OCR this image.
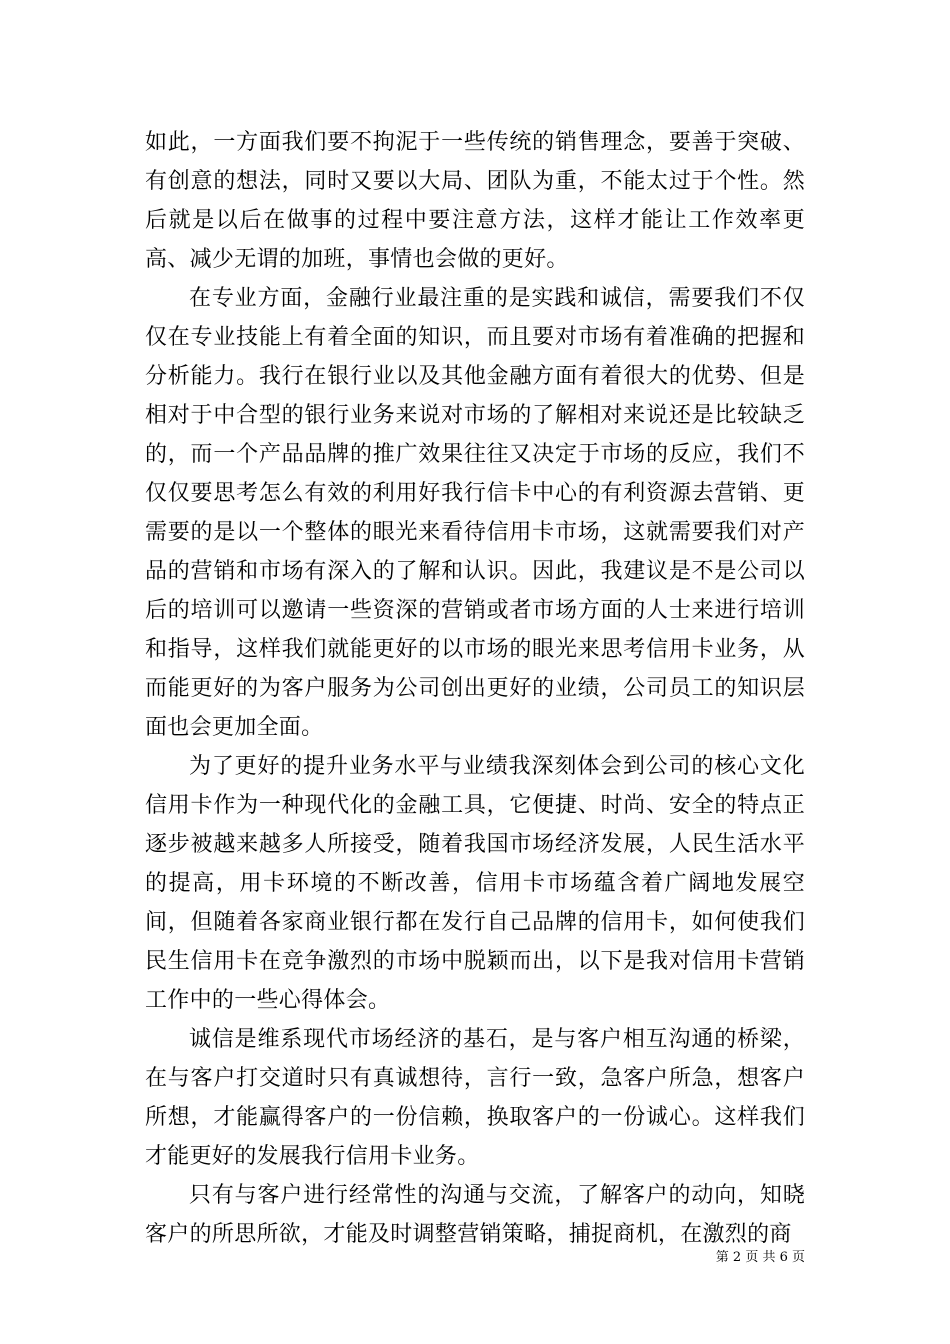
如此，一方面我们要不拘泥于一些传统的销售理念，要善于突破、有创意的想法，同时又要以大局、团队为重，不能太过于个性。然后就是以后在做事的过程中要注意方法，这样才能让工作效率更高、减少无谓的加班，事情也会做的更好。

在专业方面，金融行业最注重的是实践和诚信，需要我们不仅仅在专业技能上有着全面的知识，而且要对市场有着准确的把握和分析能力。我行在银行业以及其他金融方面有着很大的优势、但是相对于中合型的银行业务来说对市场的了解相对来说还是比较缺乏的，而一个产品品牌的推广效果往往又决定于市场的反应，我们不仅仅要思考怎么有效的利用好我行信卡中心的有利资源去营销、更需要的是以一个整体的眼光来看待信用卡市场，这就需要我们对产品的营销和市场有深入的了解和认识。因此，我建议是不是公司以后的培训可以邀请一些资深的营销或者市场方面的人士来进行培训和指导，这样我们就能更好的以市场的眼光来思考信用卡业务，从而能更好的为客户服务为公司创出更好的业绩，公司员工的知识层面也会更加全面。

为了更好的提升业务水平与业绩我深刻体会到公司的核心文化信用卡作为一种现代化的金融工具，它便捷、时尚、安全的特点正逐步被越来越多人所接受，随着我国市场经济发展，人民生活水平的提高，用卡环境的不断改善，信用卡市场蕴含着广阔地发展空间，但随着各家商业银行都在发行自己品牌的信用卡，如何使我们民生信用卡在竞争激烈的市场中脱颖而出，以下是我对信用卡营销工作中的一些心得体会。

诚信是维系现代市场经济的基石，是与客户相互沟通的桥梁，在与客户打交道时只有真诚想待，言行一致，急客户所急，想客户所想，才能赢得客户的一份信赖，换取客户的一份诚心。这样我们才能更好的发展我行信用卡业务。

只有与客户进行经常性的沟通与交流，了解客户的动向，知晓客户的所思所欲，才能及时调整营销策略，捕捉商机，在激烈的商

第 2 页 共 6 页
